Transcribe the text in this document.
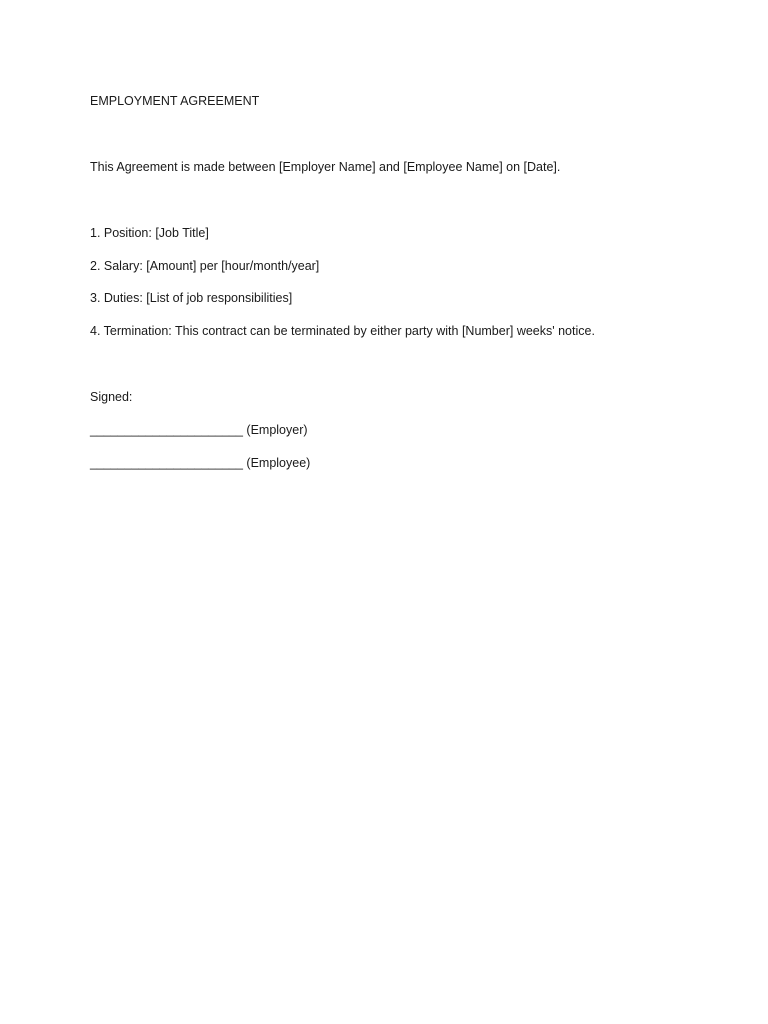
EMPLOYMENT AGREEMENT
This Agreement is made between [Employer Name] and [Employee Name] on [Date].
1. Position: [Job Title]
2. Salary: [Amount] per [hour/month/year]
3. Duties: [List of job responsibilities]
4. Termination: This contract can be terminated by either party with [Number] weeks' notice.
Signed:
______________________ (Employer)
______________________ (Employee)
